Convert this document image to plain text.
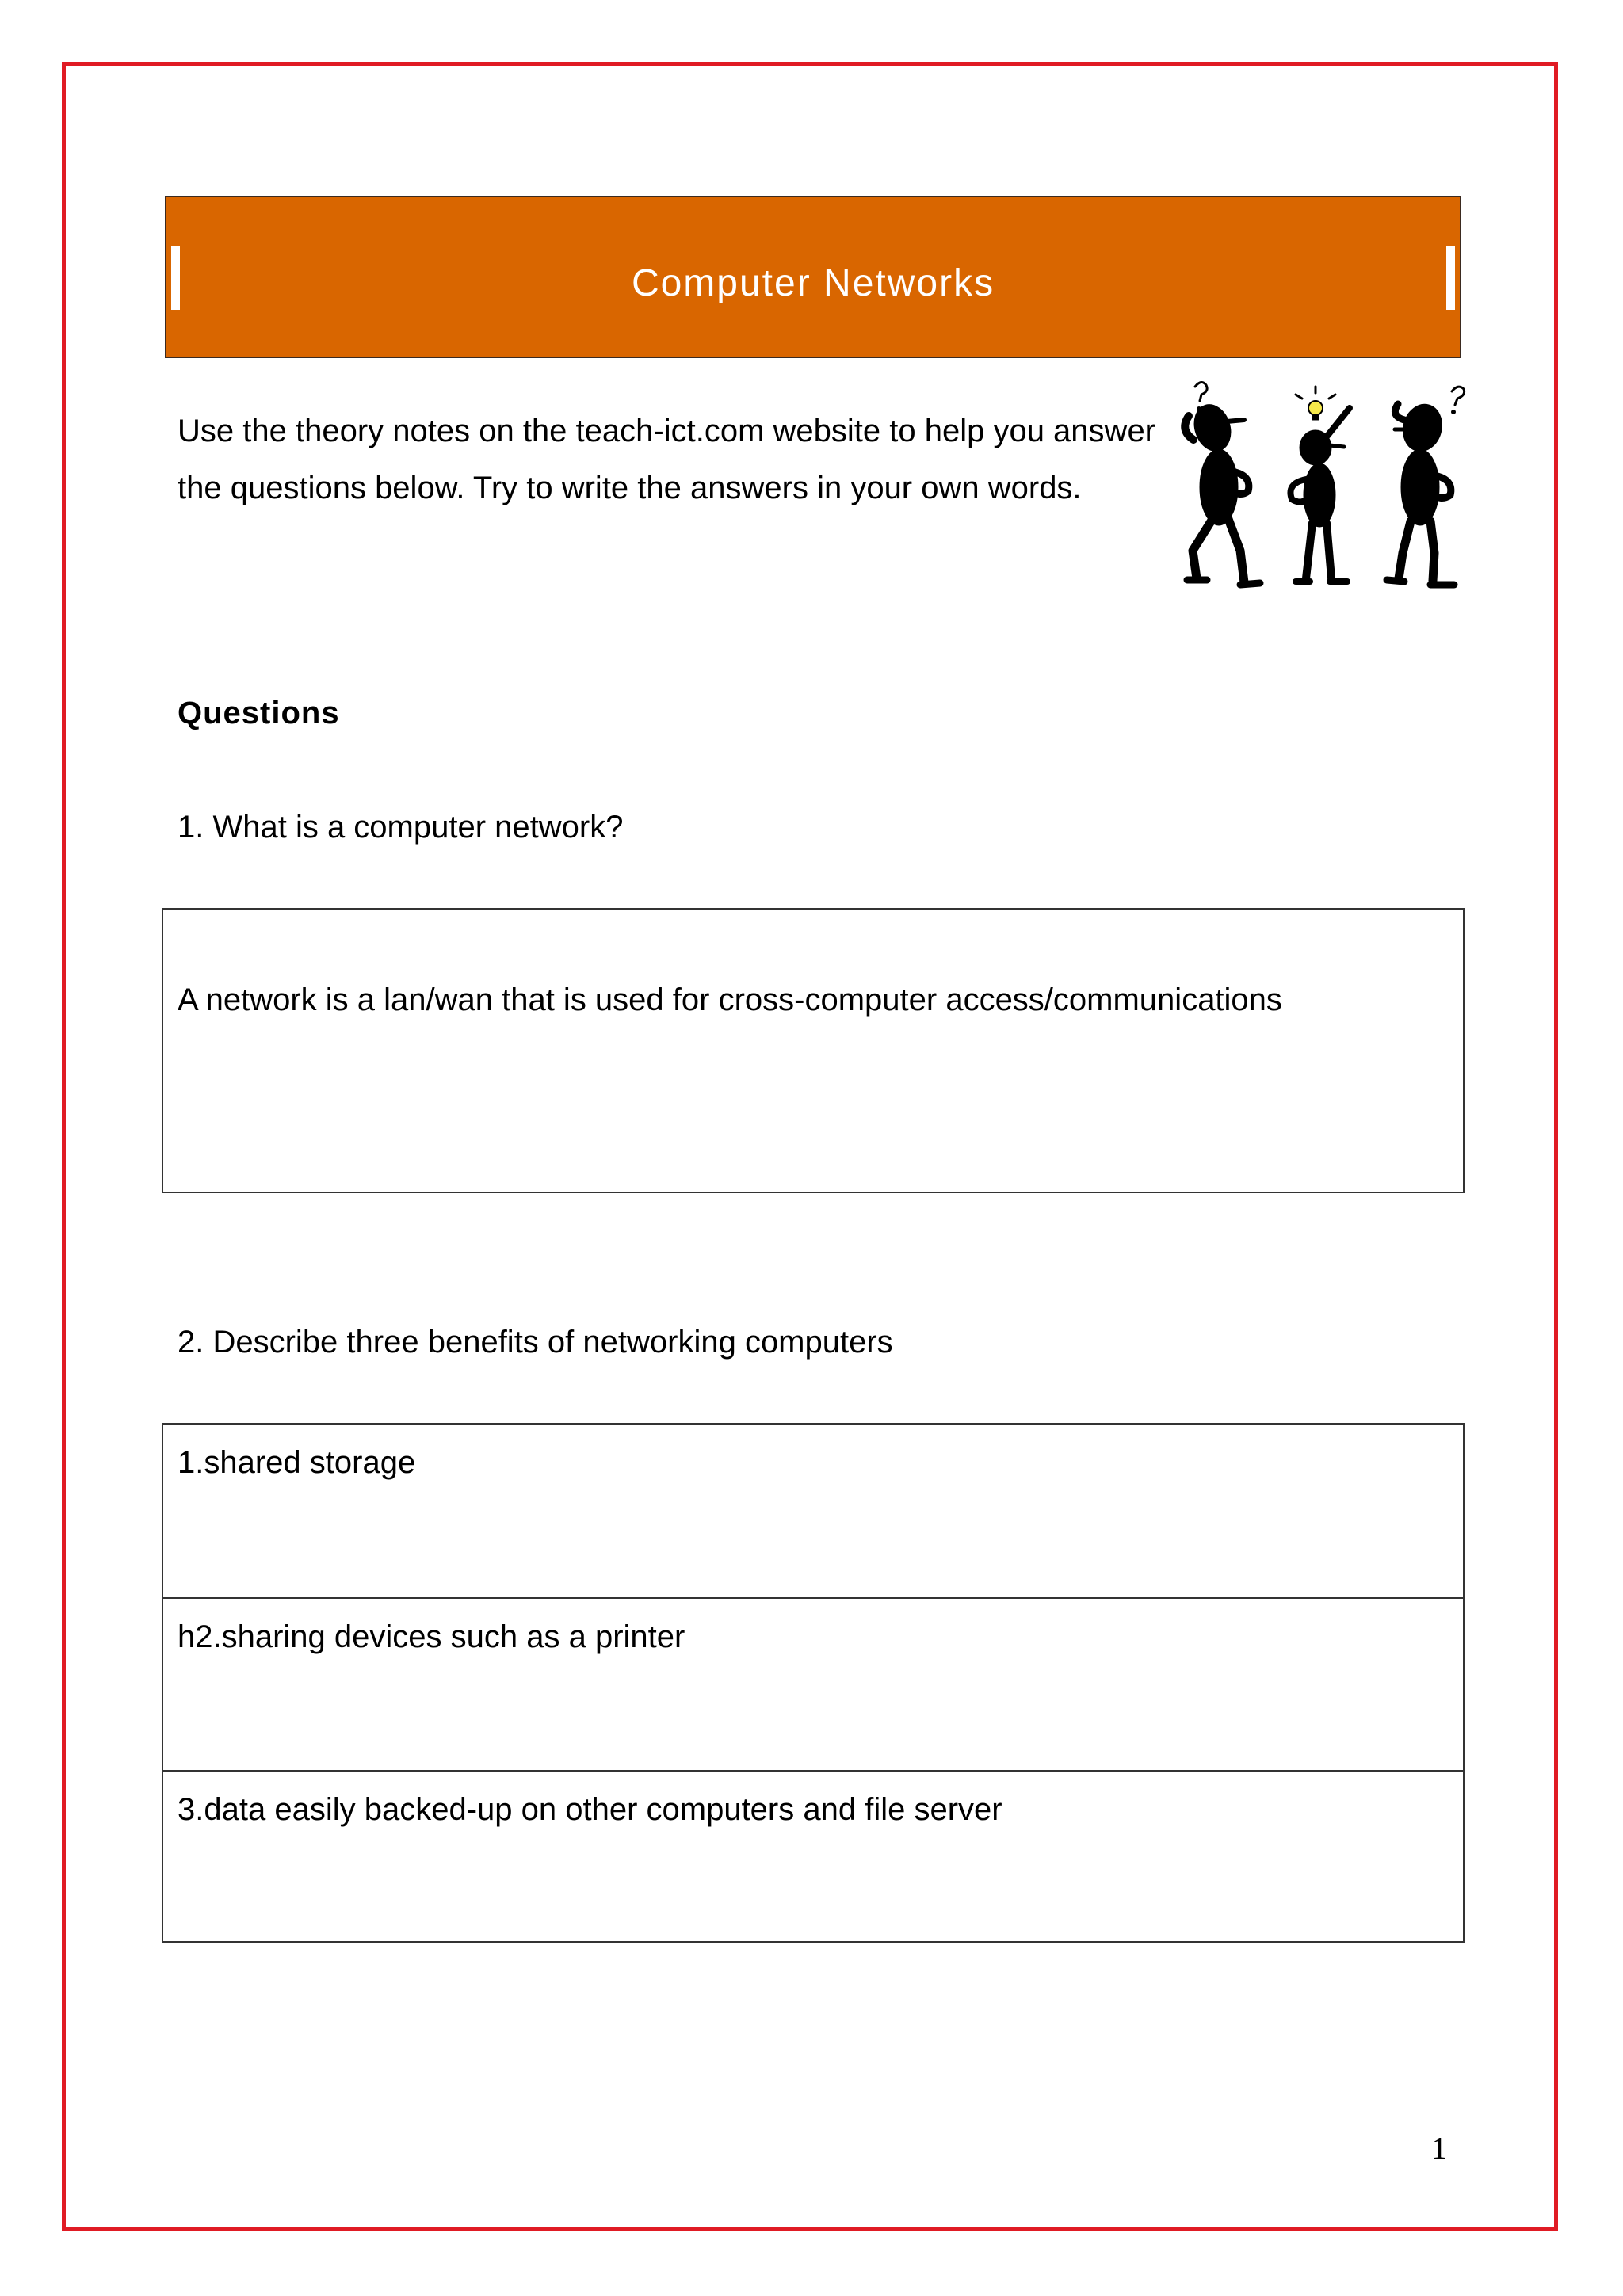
Computer Networks
Use the theory notes on the teach-ict.com website to help you answer the questions below. Try to write the answers in your own words.
Questions
1. What is a computer network?
A network is a lan/wan that is used for cross-computer access/communications
2. Describe three benefits of networking computers
1.shared storage
h2.sharing devices such as a printer
3.data easily backed-up on other computers and file server
1
